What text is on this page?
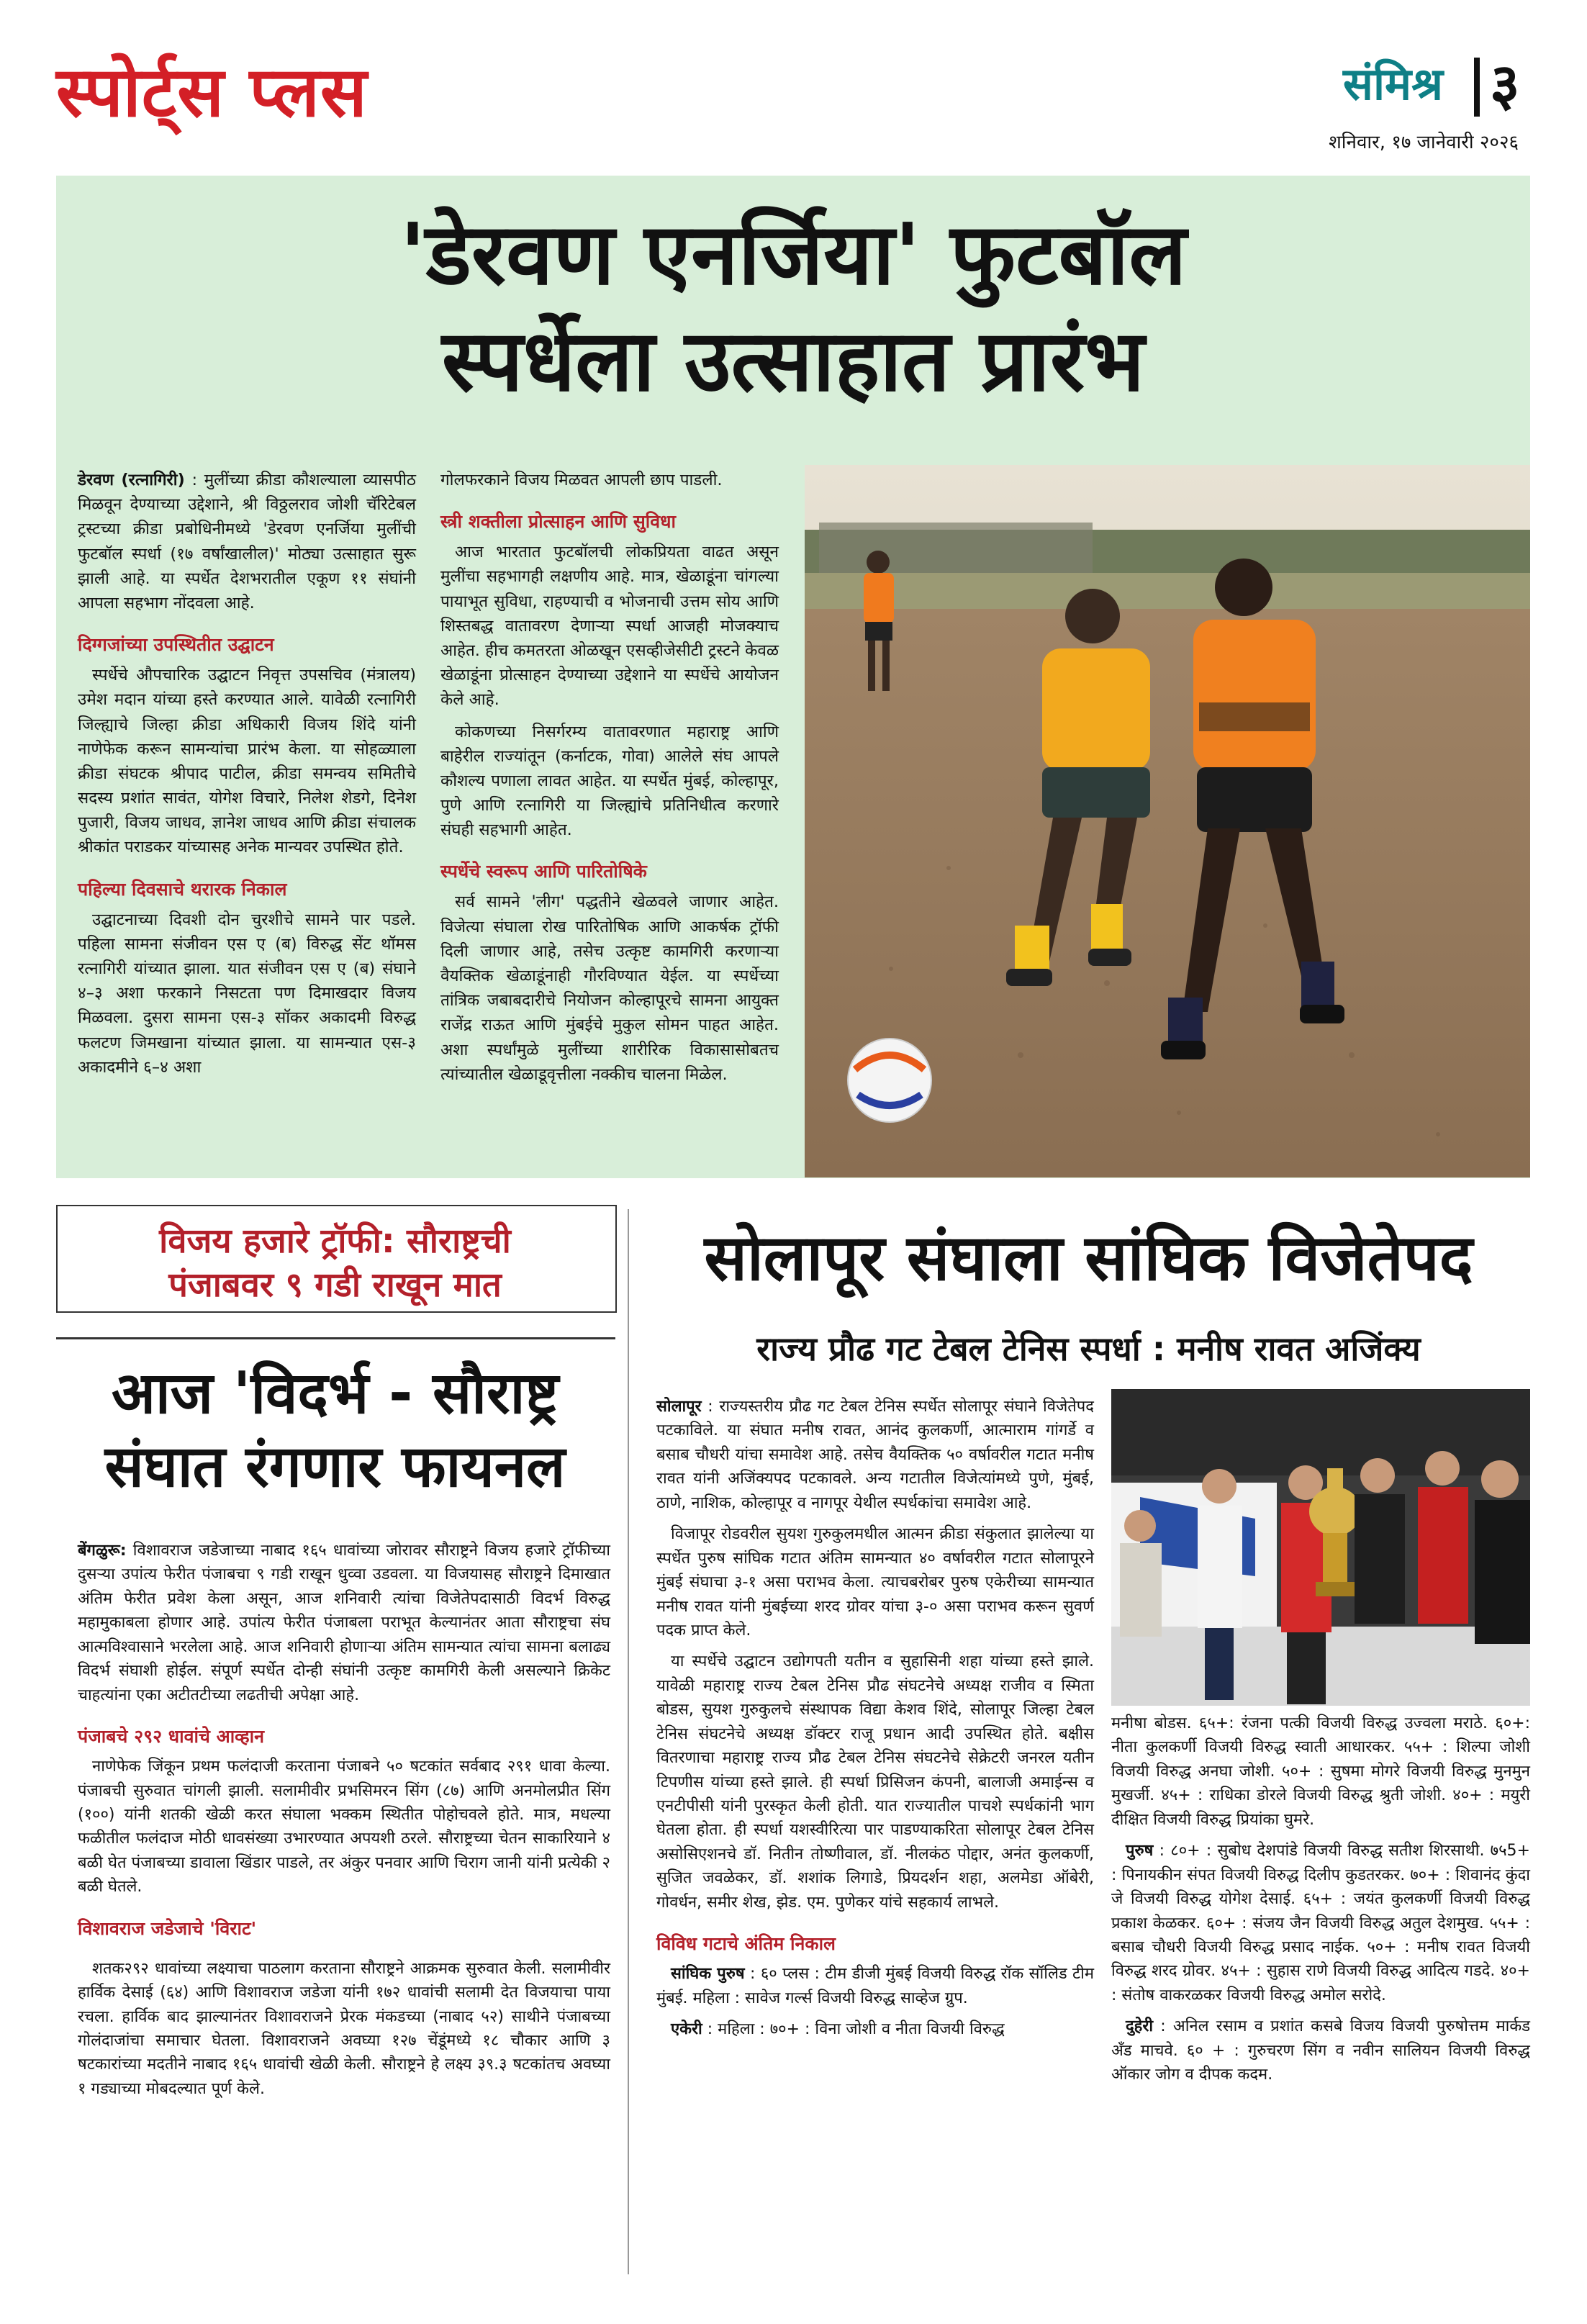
स्पोर्ट्स प्लस	संमिश्र ३
शनिवार, १७ जानेवारी २०२६
'डेरवण एनर्जिया' फुटबॉल
स्पर्धेला उत्साहात प्रारंभ

डेरवण (रत्नागिरी) : मुलींच्या क्रीडा कौशल्याला व्यासपीठ मिळवून देण्याच्या उद्देशाने, श्री विठ्ठलराव जोशी चॅरिटेबल ट्रस्टच्या क्रीडा प्रबोधिनीमध्ये 'डेरवण एनर्जिया मुलींची फुटबॉल स्पर्धा (१७ वर्षांखालील)' मोठ्या उत्साहात सुरू झाली आहे. या स्पर्धेत देशभरातील एकूण ११ संघांनी आपला सहभाग नोंदवला आहे.

दिग्गजांच्या उपस्थितीत उद्घाटन

स्पर्धेचे औपचारिक उद्घाटन निवृत्त उपसचिव (मंत्रालय) उमेश मदान यांच्या हस्ते करण्यात आले. यावेळी रत्नागिरी जिल्ह्याचे जिल्हा क्रीडा अधिकारी विजय शिंदे यांनी नाणेफेक करून सामन्यांचा प्रारंभ केला. या सोहळ्याला क्रीडा संघटक श्रीपाद पाटील, क्रीडा समन्वय समितीचे सदस्य प्रशांत सावंत, योगेश विचारे, निलेश शेडगे, दिनेश पुजारी, विजय जाधव, ज्ञानेश जाधव आणि क्रीडा संचालक श्रीकांत पराडकर यांच्यासह अनेक मान्यवर उपस्थित होते.

पहिल्या दिवसाचे थरारक निकाल

उद्घाटनाच्या दिवशी दोन चुरशीचे सामने पार पडले. पहिला सामना संजीवन एस ए (ब) विरुद्ध सेंट थॉमस रत्नागिरी यांच्यात झाला. यात संजीवन एस ए (ब) संघाने ४–३ अशा फरकाने निसटता पण दिमाखदार विजय मिळवला. दुसरा सामना एस-३ सॉकर अकादमी विरुद्ध फलटण जिमखाना यांच्यात झाला. या सामन्यात एस-३ अकादमीने ६–४ अशा

गोलफरकाने विजय मिळवत आपली छाप पाडली.

स्त्री शक्तीला प्रोत्साहन आणि सुविधा

आज भारतात फुटबॉलची लोकप्रियता वाढत असून मुलींचा सहभागही लक्षणीय आहे. मात्र, खेळाडूंना चांगल्या पायाभूत सुविधा, राहण्याची व भोजनाची उत्तम सोय आणि शिस्तबद्ध वातावरण देणाऱ्या स्पर्धा आजही मोजक्याच आहेत. हीच कमतरता ओळखून एसव्हीजेसीटी ट्रस्टने केवळ खेळाडूंना प्रोत्साहन देण्याच्या उद्देशाने या स्पर्धेचे आयोजन केले आहे.

कोकणच्या निसर्गरम्य वातावरणात महाराष्ट्र आणि बाहेरील राज्यांतून (कर्नाटक, गोवा) आलेले संघ आपले कौशल्य पणाला लावत आहेत. या स्पर्धेत मुंबई, कोल्हापूर, पुणे आणि रत्नागिरी या जिल्ह्यांचे प्रतिनिधीत्व करणारे संघही सहभागी आहेत.

स्पर्धेचे स्वरूप आणि पारितोषिके

सर्व सामने 'लीग' पद्धतीने खेळवले जाणार आहेत. विजेत्या संघाला रोख पारितोषिक आणि आकर्षक ट्रॉफी दिली जाणार आहे, तसेच उत्कृष्ट कामगिरी करणाऱ्या वैयक्तिक खेळाडूंनाही गौरविण्यात येईल. या स्पर्धेच्या तांत्रिक जबाबदारीचे नियोजन कोल्हापूरचे सामना आयुक्त राजेंद्र राऊत आणि मुंबईचे मुकुल सोमन पाहत आहेत. अशा स्पर्धांमुळे मुलींच्या शारीरिक विकासासोबतच त्यांच्यातील खेळाडूवृत्तीला नक्कीच चालना मिळेल.

विजय हजारे ट्रॉफी: सौराष्ट्रची
पंजाबवर ९ गडी राखून मात
आज 'विदर्भ - सौराष्ट्र
संघात रंगणार फायनल

बेंगळुरू: विशावराज जडेजाच्या नाबाद १६५ धावांच्या जोरावर सौराष्ट्रने विजय हजारे ट्रॉफीच्या दुसऱ्या उपांत्य फेरीत पंजाबचा ९ गडी राखून धुव्वा उडवला. या विजयासह सौराष्ट्रने दिमाखात अंतिम फेरीत प्रवेश केला असून, आज शनिवारी त्यांचा विजेतेपदासाठी विदर्भ विरुद्ध महामुकाबला होणार आहे. उपांत्य फेरीत पंजाबला पराभूत केल्यानंतर आता सौराष्ट्रचा संघ आत्मविश्वासाने भरलेला आहे. आज शनिवारी होणाऱ्या अंतिम सामन्यात त्यांचा सामना बलाढ्य विदर्भ संघाशी होईल. संपूर्ण स्पर्धेत दोन्ही संघांनी उत्कृष्ट कामगिरी केली असल्याने क्रिकेट चाहत्यांना एका अटीतटीच्या लढतीची अपेक्षा आहे.

पंजाबचे २९२ धावांचे आव्हान

नाणेफेक जिंकून प्रथम फलंदाजी करताना पंजाबने ५० षटकांत सर्वबाद २९१ धावा केल्या. पंजाबची सुरुवात चांगली झाली. सलामीवीर प्रभसिमरन सिंग (८७) आणि अनमोलप्रीत सिंग (१००) यांनी शतकी खेळी करत संघाला भक्कम स्थितीत पोहोचवले होते. मात्र, मधल्या फळीतील फलंदाज मोठी धावसंख्या उभारण्यात अपयशी ठरले. सौराष्ट्रच्या चेतन साकारियाने ४ बळी घेत पंजाबच्या डावाला खिंडार पाडले, तर अंकुर पनवार आणि चिराग जानी यांनी प्रत्येकी २ बळी घेतले.

विशावराज जडेजाचे 'विराट'

शतक२९२ धावांच्या लक्ष्याचा पाठलाग करताना सौराष्ट्रने आक्रमक सुरुवात केली. सलामीवीर हार्विक देसाई (६४) आणि विशावराज जडेजा यांनी १७२ धावांची सलामी देत विजयाचा पाया रचला. हार्विक बाद झाल्यानंतर विशावराजने प्रेरक मंकडच्या (नाबाद ५२) साथीने पंजाबच्या गोलंदाजांचा समाचार घेतला. विशावराजने अवघ्या १२७ चेंडूंमध्ये १८ चौकार आणि ३ षटकारांच्या मदतीने नाबाद १६५ धावांची खेळी केली. सौराष्ट्रने हे लक्ष्य ३९.३ षटकांतच अवघ्या १ गड्याच्या मोबदल्यात पूर्ण केले.

सोलापूर संघाला सांघिक विजेतेपद
राज्य प्रौढ गट टेबल टेनिस स्पर्धा : मनीष रावत अजिंक्य

सोलापूर : राज्यस्तरीय प्रौढ गट टेबल टेनिस स्पर्धेत सोलापूर संघाने विजेतेपद पटकाविले. या संघात मनीष रावत, आनंद कुलकर्णी, आत्माराम गांगर्डे व बसाब चौधरी यांचा समावेश आहे. तसेच वैयक्तिक ५० वर्षावरील गटात मनीष रावत यांनी अजिंक्यपद पटकावले. अन्य गटातील विजेत्यांमध्ये पुणे, मुंबई, ठाणे, नाशिक, कोल्हापूर व नागपूर येथील स्पर्धकांचा समावेश आहे.

विजापूर रोडवरील सुयश गुरुकुलमधील आत्मन क्रीडा संकुलात झालेल्या या स्पर्धेत पुरुष सांघिक गटात अंतिम सामन्यात ४० वर्षावरील गटात सोलापूरने मुंबई संघाचा ३-१ असा पराभव केला. त्याचबरोबर पुरुष एकेरीच्या सामन्यात मनीष रावत यांनी मुंबईच्या शरद ग्रोवर यांचा ३-० असा पराभव करून सुवर्ण पदक प्राप्त केले.

या स्पर्धेचे उद्घाटन उद्योगपती यतीन व सुहासिनी शहा यांच्या हस्ते झाले. यावेळी महाराष्ट्र राज्य टेबल टेनिस प्रौढ संघटनेचे अध्यक्ष राजीव व स्मिता बोडस, सुयश गुरुकुलचे संस्थापक विद्या केशव शिंदे, सोलापूर जिल्हा टेबल टेनिस संघटनेचे अध्यक्ष डॉक्टर राजू प्रधान आदी उपस्थित होते. बक्षीस वितरणाचा महाराष्ट्र राज्य प्रौढ टेबल टेनिस संघटनेचे सेक्रेटरी जनरल यतीन टिपणीस यांच्या हस्ते झाले. ही स्पर्धा प्रिसिजन कंपनी, बालाजी अमाईन्स व एनटीपीसी यांनी पुरस्कृत केली होती. यात राज्यातील पाचशे स्पर्धकांनी भाग घेतला होता. ही स्पर्धा यशस्वीरित्या पार पाडण्याकरिता सोलापूर टेबल टेनिस असोसिएशनचे डॉ. नितीन तोष्णीवाल, डॉ. नीलकंठ पोद्दार, अनंत कुलकर्णी, सुजित जवळेकर, डॉ. शशांक लिगाडे, प्रियदर्शन शहा, अलमेडा ऑबेरी, गोवर्धन, समीर शेख, झेड. एम. पुणेकर यांचे सहकार्य लाभले.

विविध गटाचे अंतिम निकाल

सांघिक पुरुष : ६० प्लस : टीम डीजी मुंबई विजयी विरुद्ध रॉक सॉलिड टीम मुंबई. महिला : सावेज गर्ल्स विजयी विरुद्ध साव्हेज ग्रुप.

एकेरी : महिला : ७०+ : विना जोशी व नीता विजयी विरुद्ध

मनीषा बोडस. ६५+: रंजना पत्की विजयी विरुद्ध उज्वला मराठे. ६०+: नीता कुलकर्णी विजयी विरुद्ध स्वाती आधारकर. ५५+ : शिल्पा जोशी विजयी विरुद्ध अनघा जोशी. ५०+ : सुषमा मोगरे विजयी विरुद्ध मुनमुन मुखर्जी. ४५+ : राधिका डोरले विजयी विरुद्ध श्रुती जोशी. ४०+ : मयुरी दीक्षित विजयी विरुद्ध प्रियांका घुमरे.

पुरुष : ८०+ : सुबोध देशपांडे विजयी विरुद्ध सतीश शिरसाथी. ७५5+ : पिनायकीन संपत विजयी विरुद्ध दिलीप कुडतरकर. ७०+ : शिवानंद कुंदा जे विजयी विरुद्ध योगेश देसाई. ६५+ : जयंत कुलकर्णी विजयी विरुद्ध प्रकाश केळकर. ६०+ : संजय जैन विजयी विरुद्ध अतुल देशमुख. ५५+ : बसाब चौधरी विजयी विरुद्ध प्रसाद नाईक. ५०+ : मनीष रावत विजयी विरुद्ध शरद ग्रोवर. ४५+ : सुहास राणे विजयी विरुद्ध आदित्य गडदे. ४०+ : संतोष वाकरळकर विजयी विरुद्ध अमोल सरोदे.

दुहेरी : अनिल रसाम व प्रशांत कसबे विजय विजयी पुरुषोत्तम मार्कड अँड माचवे. ६० + : गुरुचरण सिंग व नवीन सालियन विजयी विरुद्ध ऑकार जोग व दीपक कदम.
